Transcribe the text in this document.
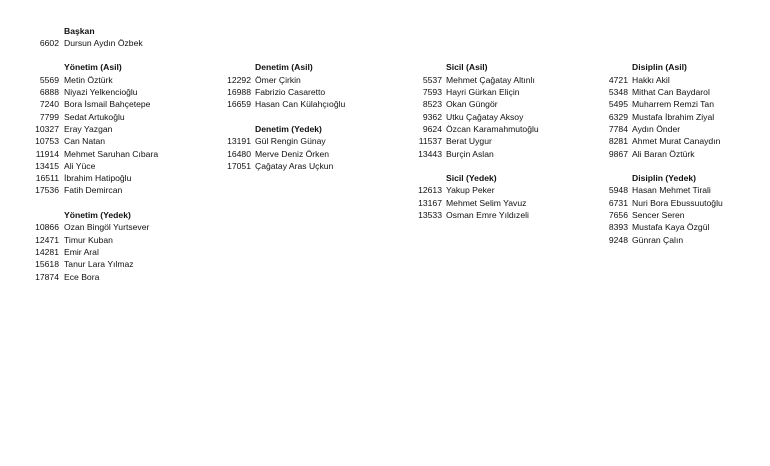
Başkan
6602 Dursun Aydın Özbek
Yönetim (Asil)
5569 Metin Öztürk
6888 Niyazi Yelkencioğlu
7240 Bora İsmail Bahçetepe
7799 Sedat Artukoğlu
10327 Eray Yazgan
10753 Can Natan
11914 Mehmet Saruhan Cıbara
13415 Ali Yüce
16511 İbrahim Hatipoğlu
17536 Fatih Demircan
Yönetim (Yedek)
10866 Ozan Bingöl Yurtsever
12471 Timur Kuban
14281 Emir Aral
15618 Tanur Lara Yılmaz
17874 Ece Bora
Denetim (Asil)
12292 Ömer Çirkin
16988 Fabrizio Casaretto
16659 Hasan Can Külahçıoğlu
Denetim (Yedek)
13191 Gül Rengin Günay
16480 Merve Deniz Örken
17051 Çağatay Aras Uçkun
Sicil (Asil)
5537 Mehmet Çağatay Altınlı
7593 Hayri Gürkan Eliçin
8523 Okan Güngör
9362 Utku Çağatay Aksoy
9624 Özcan Karamahmutoğlu
11537 Berat Uygur
13443 Burçin Aslan
Sicil (Yedek)
12613 Yakup Peker
13167 Mehmet Selim Yavuz
13533 Osman Emre Yıldızeli
Disiplin (Asil)
4721 Hakkı Akil
5348 Mithat Can Baydarol
5495 Muharrem Remzi Tan
6329 Mustafa İbrahim Ziyal
7784 Aydın Önder
8281 Ahmet Murat Canaydın
9867 Ali Baran Öztürk
Disiplin (Yedek)
5948 Hasan Mehmet Tirali
6731 Nuri Bora Ebussuutoğlu
7656 Sencer Seren
8393 Mustafa Kaya Özgül
9248 Günran Çalın
